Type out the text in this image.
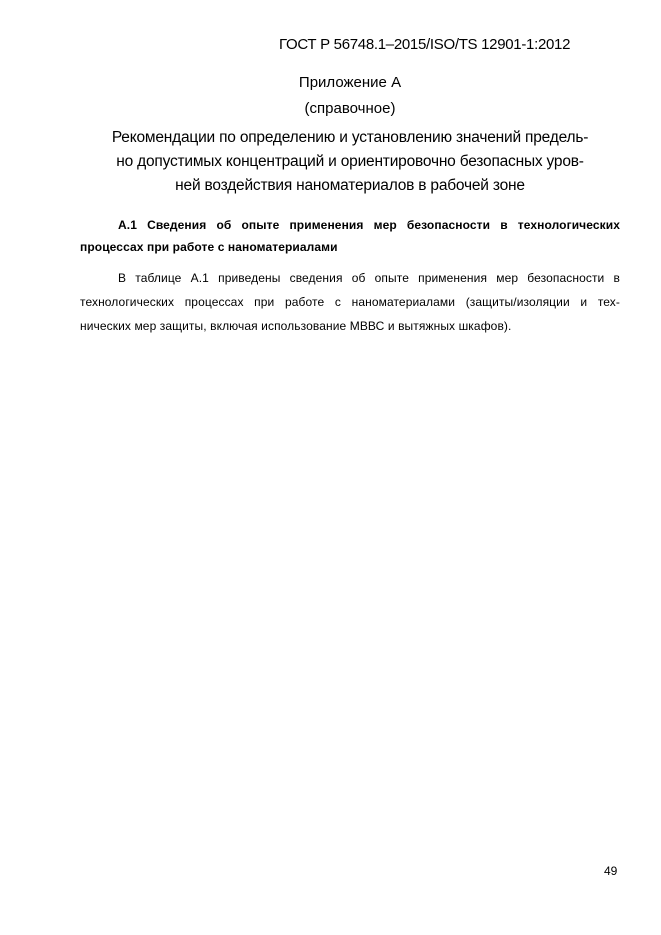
ГОСТ Р 56748.1–2015/ISO/TS 12901-1:2012
Приложение А
(справочное)
Рекомендации по определению и установлению значений предель-
но допустимых концентраций и ориентировочно безопасных уров-
ней воздействия наноматериалов в рабочей зоне
А.1 Сведения об опыте применения мер безопасности в технологических
процессах при работе с наноматериалами
В таблице А.1 приведены сведения об опыте применения мер безопасности в
технологических процессах при работе с наноматериалами (защиты/изоляции и тех-
нических мер защиты, включая использование МВВС и вытяжных шкафов).
49
